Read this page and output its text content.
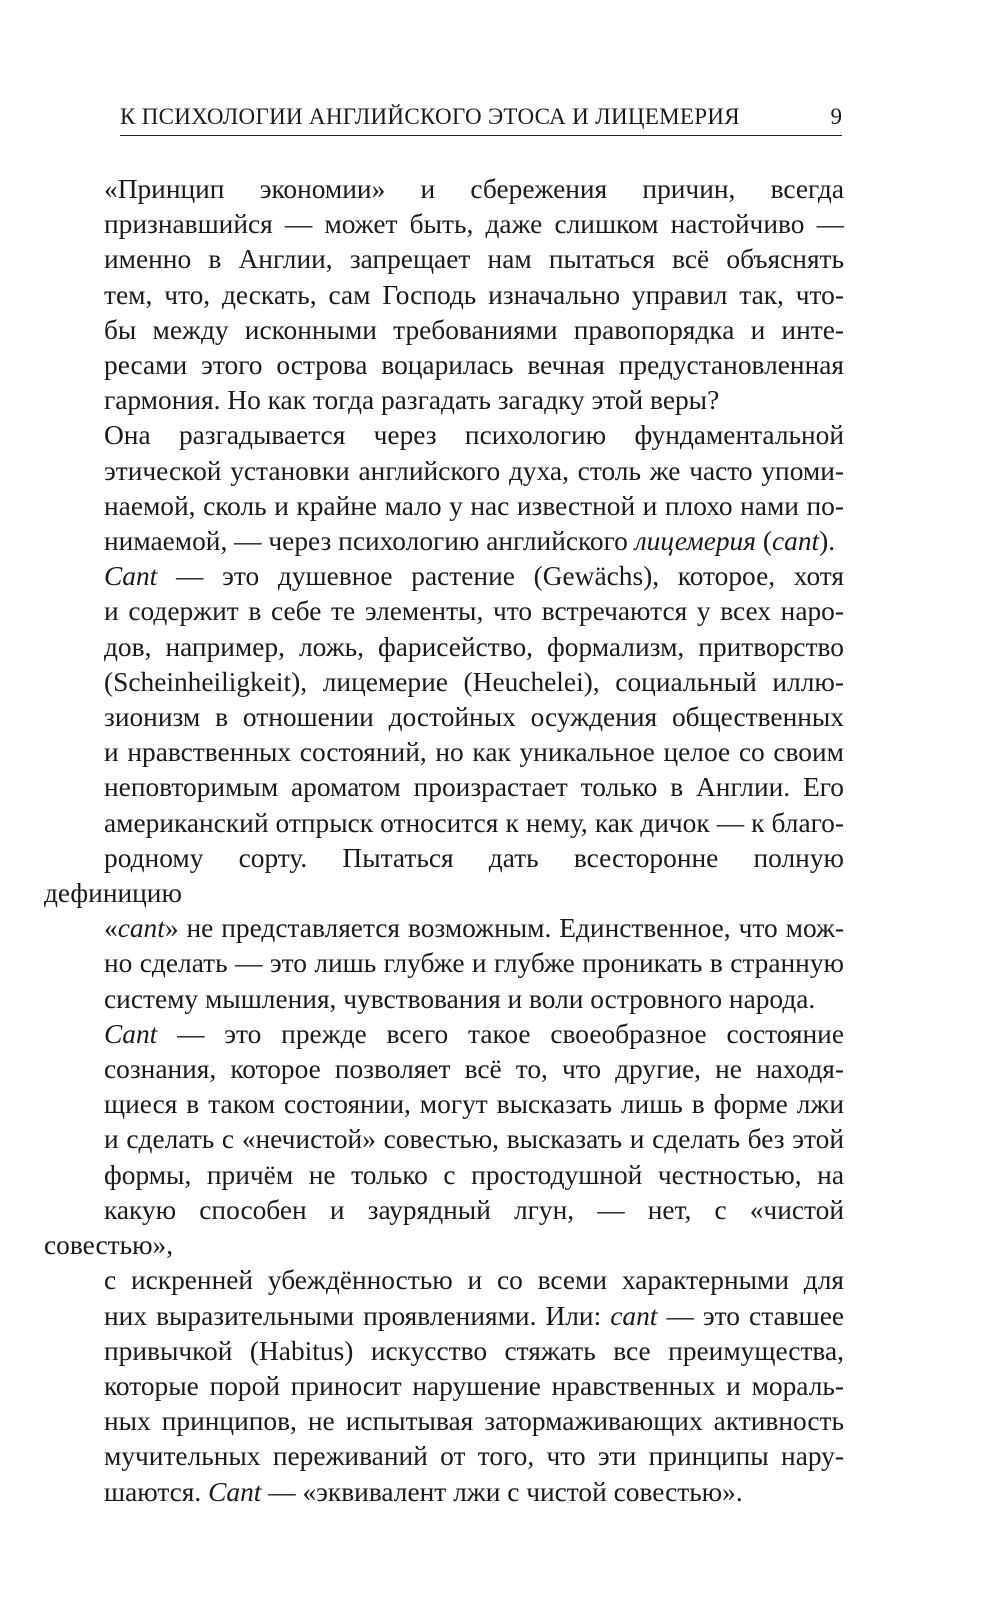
К ПСИХОЛОГИИ АНГЛИЙСКОГО ЭТОСА И ЛИЦЕМЕРИЯ	9

«Принцип экономии» и сбережения причин, всегда
признавшийся — может быть, даже слишком настойчиво —
именно в Англии, запрещает нам пытаться всё объяснять
тем, что, дескать, сам Господь изначально управил так, что-
бы между исконными требованиями правопорядка и инте-
ресами этого острова воцарилась вечная предустановленная
гармония. Но как тогда разгадать загадку этой веры?

Она разгадывается через психологию фундаментальной
этической установки английского духа, столь же часто упоми-
наемой, сколь и крайне мало у нас известной и плохо нами по-
нимаемой, — через психологию английского лицемерия (cant).

Cant — это душевное растение (Gewächs), которое, хотя
и содержит в себе те элементы, что встречаются у всех наро-
дов, например, ложь, фарисейство, формализм, притворство
(Scheinheiligkeit), лицемерие (Heuchelei), социальный иллю-
зионизм в отношении достойных осуждения общественных
и нравственных состояний, но как уникальное целое со своим
неповторимым ароматом произрастает только в Англии. Его
американский отпрыск относится к нему, как дичок — к благо-
родному сорту. Пытаться дать всесторонне полную дефиницию
«cant» не представляется возможным. Единственное, что мож-
но сделать — это лишь глубже и глубже проникать в странную
систему мышления, чувствования и воли островного народа.

Cant — это прежде всего такое своеобразное состояние
сознания, которое позволяет всё то, что другие, не находя-
щиеся в таком состоянии, могут высказать лишь в форме лжи
и сделать с «нечистой» совестью, высказать и сделать без этой
формы, причём не только с простодушной честностью, на
какую способен и заурядный лгун, — нет, с «чистой совестью»,
с искренней убеждённостью и со всеми характерными для
них выразительными проявлениями. Или: cant — это ставшее
привычкой (Habitus) искусство стяжать все преимущества,
которые порой приносит нарушение нравственных и мораль-
ных принципов, не испытывая затормаживающих активность
мучительных переживаний от того, что эти принципы нару-
шаются. Cant — «эквивалент лжи с чистой совестью».
